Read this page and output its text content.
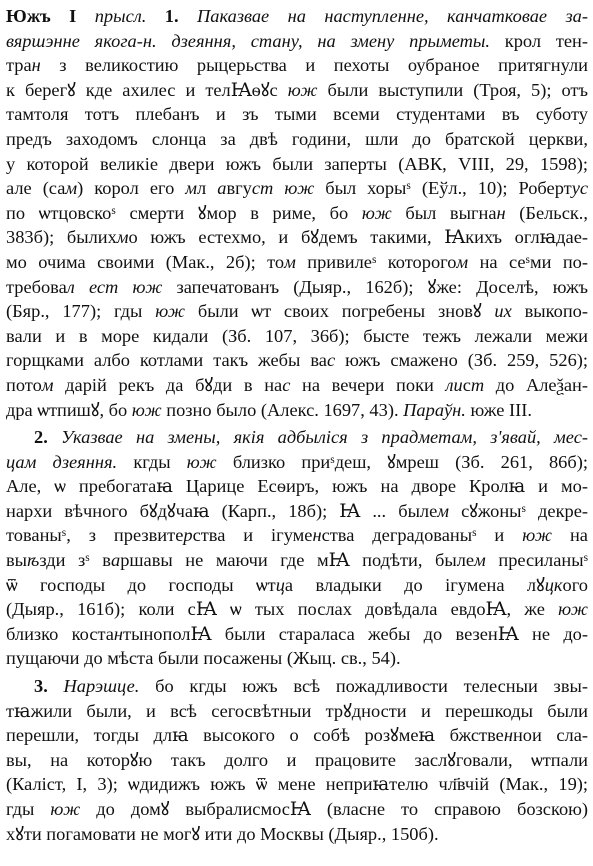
Южъ I прысл. 1. Паказвае на наступленне, канчатковае за-
вяршэнне якога-н. дзеяння, стану, на змену прыметы. крол тен-
тран з великостию рыцерьства и пехоты оубраное притягнули
к берегꙋ кде ахилес и телꙖѳꙋс юж были выступили (Троя, 5); отъ
тамтоля тотъ плебанъ и зъ тыми всеми студентами въ суботу
предъ заходомъ слонца за двѣ години, шли до братской церкви,
у которой великіе двери южъ были заперты (АВК, VIII, 29, 1598);
але (сам) корол его мл август юж был хоры$^ѕ$ (Еўл., 10); Робертус
по ѡтцовско$^ѕ$ смерти ꙋмор в риме, бо юж был выгнан (Бельск.,
383б); былихмо южъ естехмо, и бꙋдемъ такими, Ꙗкихъ оглꙗдае-
мо очима своими (Мак., 2б); том привиле$^ѕ$ которогом на $се^ѕми$ по-
требовал ест юж запечатованъ (Дыяр., 162б); ꙋже: Доселѣ, южъ
(Бяр., 177); гды юж были ѡт своих погребены зновꙋ их выкопо-
вали и в море кидали (Зб. 107, 36б); бысте тежъ лежали межи
горщками албо котлами такъ жебы вас южъ смажено (Зб. 259, 526);
потом дарій рекъ да бꙋди в нас на вечери поки лист до Алеѯан-
дра ѡтпишꙋ, бо юж позно было (Алекс. 1697, 43). Параўн. юже III.
2. Указвае на змены, якія адбыліся з прадметам, з'явай, мес-
цам дзеяння. кгды юж близко при$^ѕ$деш, ꙋмреш (Зб. 261, 86б);
Але, ѡ пребогатаꙗ Царице Есѳиръ, южъ на дворе Кролꙗ и мо-
нархи вѣчного бꙋдꙋчаꙗ (Карп., 18б); Ꙗ ... былем сꙋжоны$^ѕ$ декре-
тованы$^ѕ$, з презвитерства и ігуменства деградованы$^ѕ$ и юж на
выѣзди $з^ѕ$ варшавы не маючи где мꙖ подѣти, былем пресиланы$^ѕ$
ѿ господы до господы ѡтца владыки до ігумена лꙋцкого
(Дыяр., 161б); коли сꙖ ѡ тых послах довѣдала евдоꙖ, же юж
близко костантынополꙖ были стараласа жебы до везенꙖ не до-
пущаючи до мѣста были посажены (Жыц. св., 54).
3. Нарэшце. бо кгды южъ всѣ пожадливости телесныи звы-
тꙗжили были, и всѣ сегосвѣтныи трꙋдности и перешкоды были
перешли, тогды длꙗ высокого о собѣ розꙋмеꙗ бжственнои сла-
вы, на которꙋю такъ долго и працовите заслꙋговали, ѡтпали
(Каліст, I, 3); ѡдидижъ южъ ѿ мене неприꙗтелю чл҃вчій (Мак., 19);
гды юж до домꙋ выбралисмосꙖ (власне то справою бозскою)
хꙋти погамовати не могꙋ ити до Москвы (Дыяр., 150б).
